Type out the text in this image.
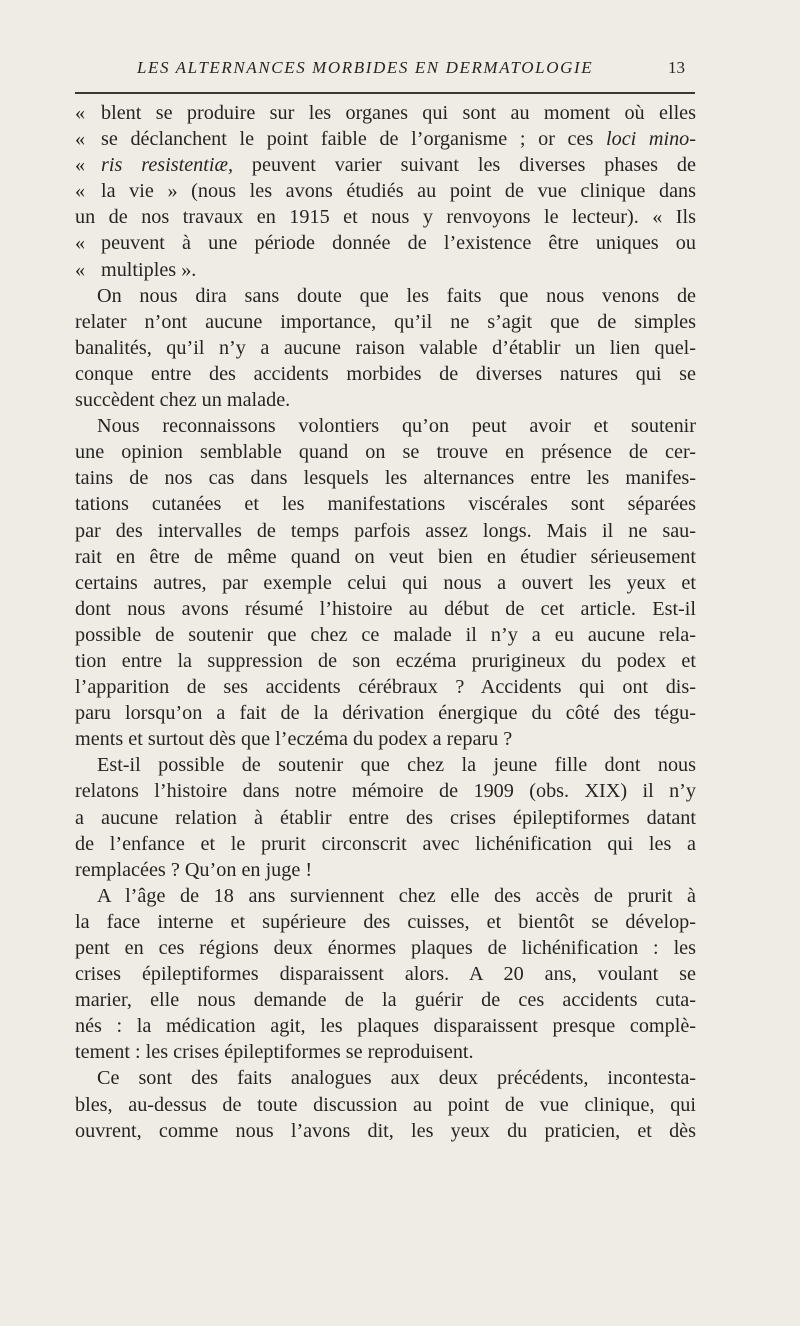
LES ALTERNANCES MORBIDES EN DERMATOLOGIE	13
« blent se produire sur les organes qui sont au moment où elles
« se déclanchent le point faible de l’organisme ; or ces loci mino-
« ris resistentiæ, peuvent varier suivant les diverses phases de
« la vie » (nous les avons étudiés au point de vue clinique dans
un de nos travaux en 1915 et nous y renvoyons le lecteur). « Ils
« peuvent à une période donnée de l’existence être uniques ou
« multiples ».
On nous dira sans doute que les faits que nous venons de
relater n’ont aucune importance, qu’il ne s’agit que de simples
banalités, qu’il n’y a aucune raison valable d’établir un lien quel-
conque entre des accidents morbides de diverses natures qui se
succèdent chez un malade.
Nous reconnaissons volontiers qu’on peut avoir et soutenir
une opinion semblable quand on se trouve en présence de cer-
tains de nos cas dans lesquels les alternances entre les manifes-
tations cutanées et les manifestations viscérales sont séparées
par des intervalles de temps parfois assez longs. Mais il ne sau-
rait en être de même quand on veut bien en étudier sérieusement
certains autres, par exemple celui qui nous a ouvert les yeux et
dont nous avons résumé l’histoire au début de cet article. Est-il
possible de soutenir que chez ce malade il n’y a eu aucune rela-
tion entre la suppression de son eczéma prurigineux du podex et
l’apparition de ses accidents cérébraux ? Accidents qui ont dis-
paru lorsqu’on a fait de la dérivation énergique du côté des tégu-
ments et surtout dès que l’eczéma du podex a reparu ?
Est-il possible de soutenir que chez la jeune fille dont nous
relatons l’histoire dans notre mémoire de 1909 (obs. XIX) il n’y
a aucune relation à établir entre des crises épileptiformes datant
de l’enfance et le prurit circonscrit avec lichénification qui les a
remplacées ? Qu’on en juge !
A l’âge de 18 ans surviennent chez elle des accès de prurit à
la face interne et supérieure des cuisses, et bientôt se dévelop-
pent en ces régions deux énormes plaques de lichénification : les
crises épileptiformes disparaissent alors. A 20 ans, voulant se
marier, elle nous demande de la guérir de ces accidents cuta-
nés : la médication agit, les plaques disparaissent presque complè-
tement : les crises épileptiformes se reproduisent.
Ce sont des faits analogues aux deux précédents, incontesta-
bles, au-dessus de toute discussion au point de vue clinique, qui
ouvrent, comme nous l’avons dit, les yeux du praticien, et dès
